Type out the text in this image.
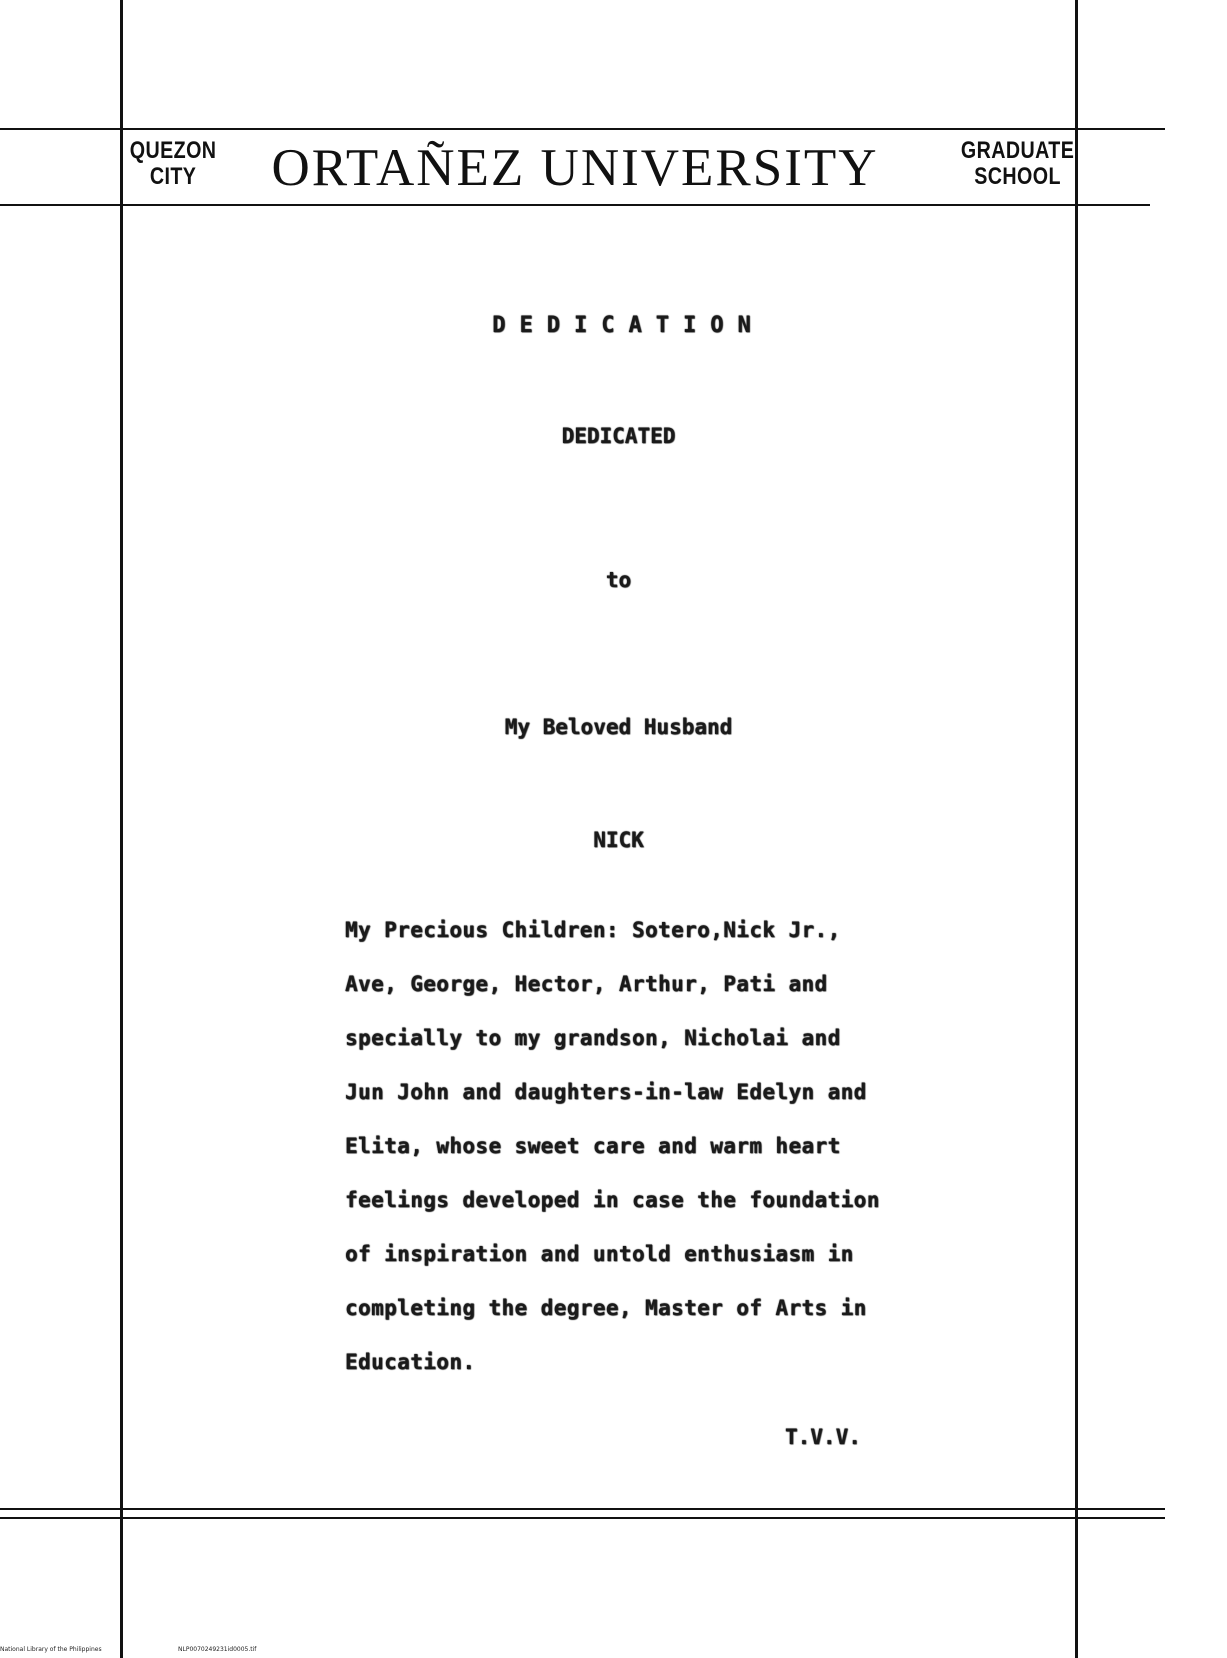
QUEZON
CITY	ORTAÑEZ UNIVERSITY	GRADUATE
SCHOOL
DEDICATION
DEDICATED
to
My Beloved Husband
NICK
My Precious Children: Sotero,Nick Jr.,
Ave, George, Hector, Arthur, Pati and
specially to my grandson, Nicholai and
Jun John and daughters-in-law Edelyn and
Elita, whose sweet care and warm heart
feelings developed in case the foundation
of inspiration and untold enthusiasm in
completing the degree, Master of Arts in
Education.
T.V.V.
National Library of the Philippines	NLP0070249231id0005.tif
